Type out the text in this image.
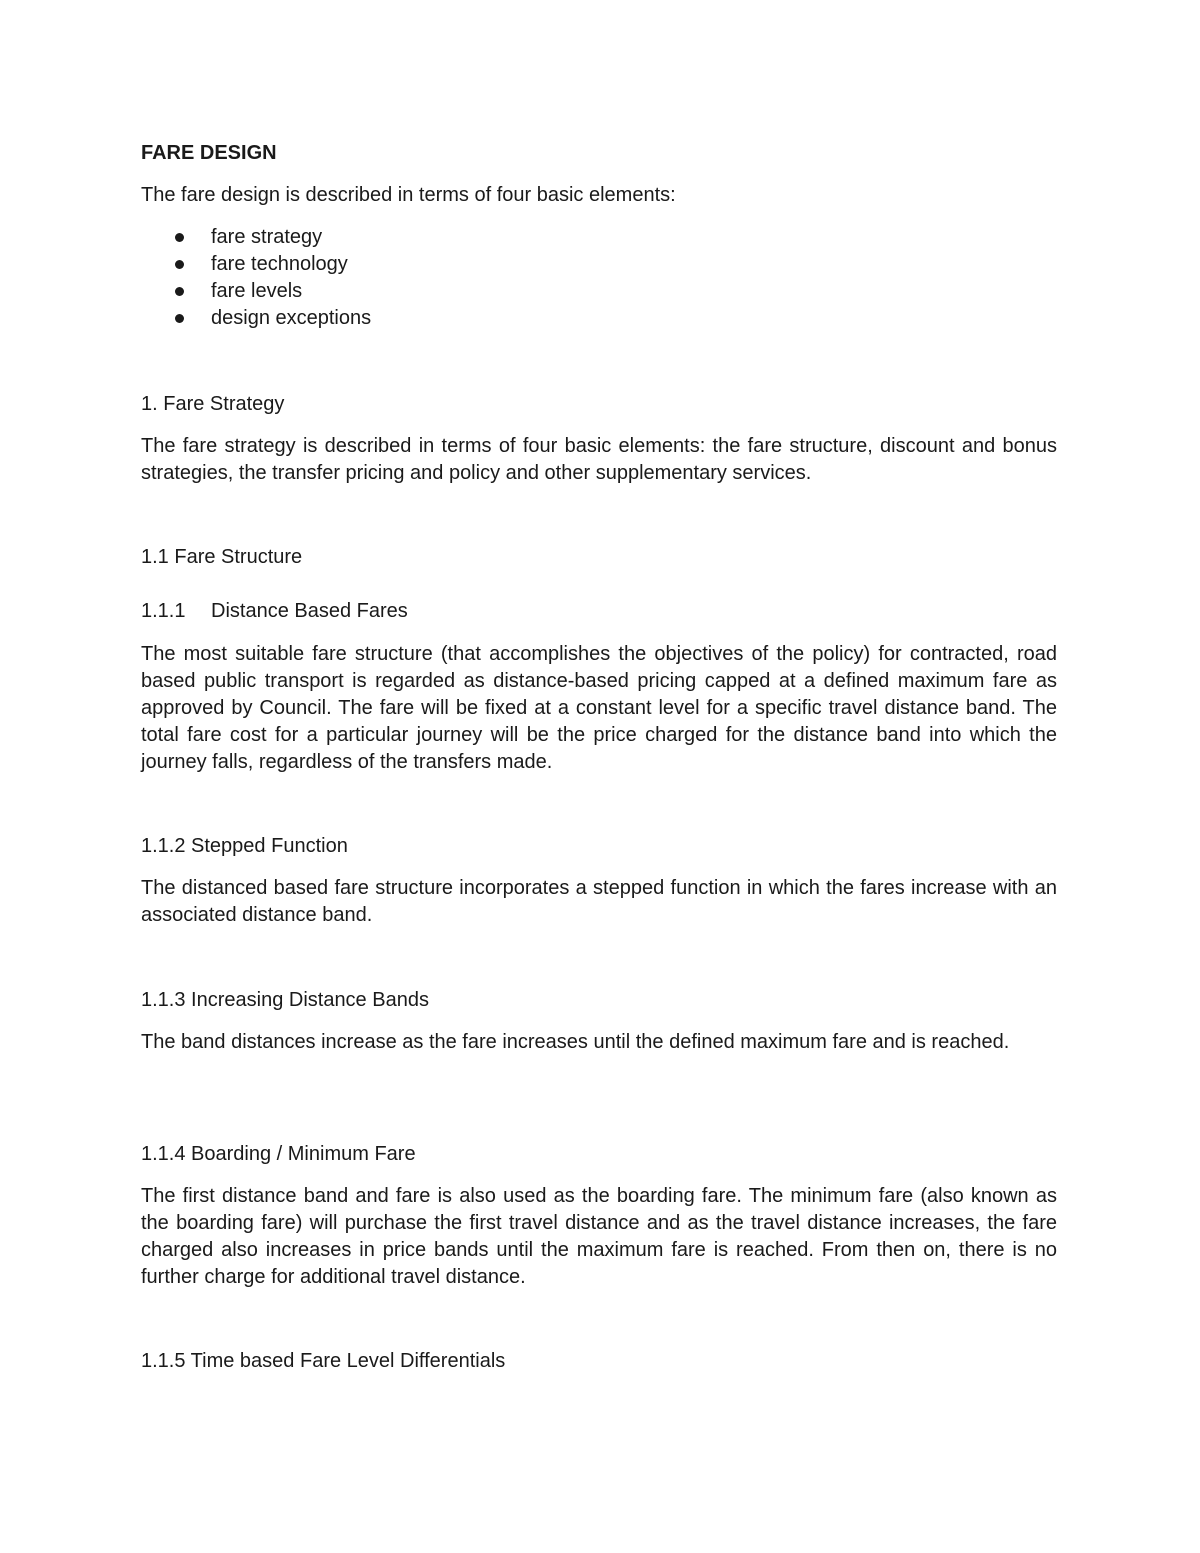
FARE DESIGN

The fare design is described in terms of four basic elements:

fare strategy
fare technology
fare levels
design exceptions
1. Fare Strategy

The fare strategy is described in terms of four basic elements: the fare structure, discount and bonus strategies, the transfer pricing and policy and other supplementary services.

1.1 Fare Structure
1.1.1 Distance Based Fares

The most suitable fare structure (that accomplishes the objectives of the policy) for contracted, road based public transport is regarded as distance-based pricing capped at a defined maximum fare as approved by Council. The fare will be fixed at a constant level for a specific travel distance band. The total fare cost for a particular journey will be the price charged for the distance band into which the journey falls, regardless of the transfers made.

1.1.2 Stepped Function

The distanced based fare structure incorporates a stepped function in which the fares increase with an associated distance band.

1.1.3 Increasing Distance Bands

The band distances increase as the fare increases until the defined maximum fare and is reached.

1.1.4 Boarding / Minimum Fare

The first distance band and fare is also used as the boarding fare. The minimum fare (also known as the boarding fare) will purchase the first travel distance and as the travel distance increases, the fare charged also increases in price bands until the maximum fare is reached. From then on, there is no further charge for additional travel distance.

1.1.5 Time based Fare Level Differentials
